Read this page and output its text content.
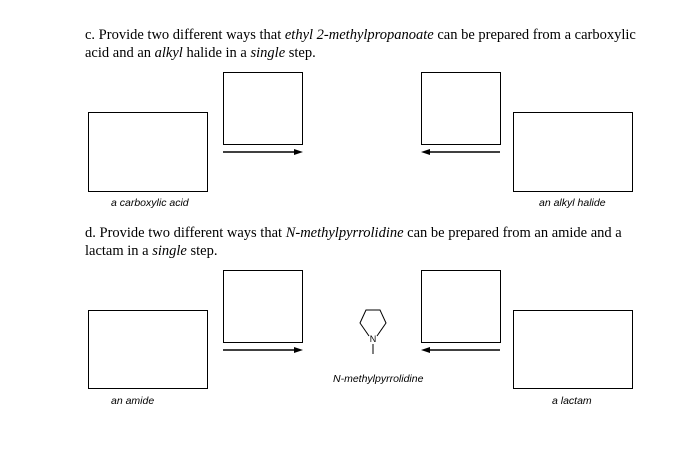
c. Provide two different ways that ethyl 2-methylpropanoate can be prepared from a carboxylic acid and an alkyl halide in a single step.
a carboxylic acid	an alkyl halide
d. Provide two different ways that N-methylpyrrolidine can be prepared from an amide and a lactam in a single step.
an amide	a lactam
N-methylpyrrolidine
N
